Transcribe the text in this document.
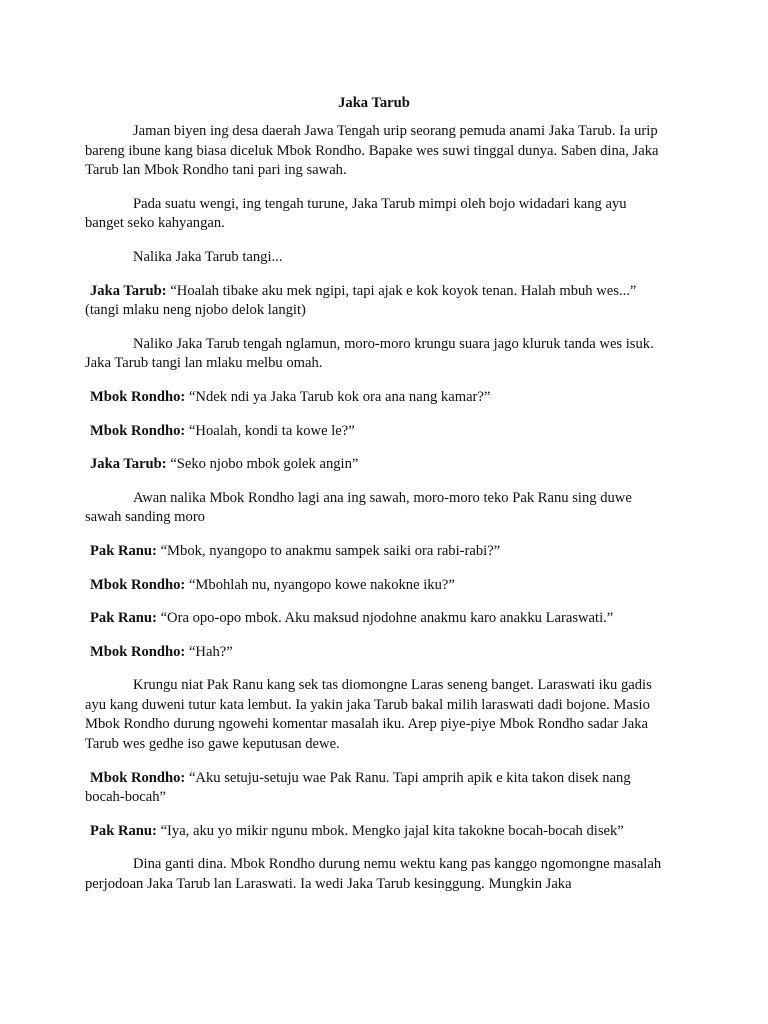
Jaka Tarub

Jaman biyen ing desa daerah Jawa Tengah urip seorang pemuda anami Jaka Tarub. Ia urip bareng ibune kang biasa diceluk Mbok Rondho. Bapake wes suwi tinggal dunya. Saben dina, Jaka Tarub lan Mbok Rondho tani pari ing sawah.

Pada suatu wengi, ing tengah turune, Jaka Tarub mimpi oleh bojo widadari kang ayu banget seko kahyangan.

Nalika Jaka Tarub tangi...

Jaka Tarub: “Hoalah tibake aku mek ngipi, tapi ajak e kok koyok tenan. Halah mbuh wes...” (tangi mlaku neng njobo delok langit)

Naliko Jaka Tarub tengah nglamun, moro-moro krungu suara jago kluruk tanda wes isuk. Jaka Tarub tangi lan mlaku melbu omah.

Mbok Rondho: “Ndek ndi ya Jaka Tarub kok ora ana nang kamar?”

Mbok Rondho: “Hoalah, kondi ta kowe le?”

Jaka Tarub: “Seko njobo mbok golek angin”

Awan nalika Mbok Rondho lagi ana ing sawah, moro-moro teko Pak Ranu sing duwe sawah sanding moro

Pak Ranu: “Mbok, nyangopo to anakmu sampek saiki ora rabi-rabi?”

Mbok Rondho: “Mbohlah nu, nyangopo kowe nakokne iku?”

Pak Ranu: “Ora opo-opo mbok. Aku maksud njodohne anakmu karo anakku Laraswati.”

Mbok Rondho: “Hah?”

Krungu niat Pak Ranu kang sek tas diomongne Laras seneng banget. Laraswati iku gadis ayu kang duweni tutur kata lembut. Ia yakin jaka Tarub bakal milih laraswati dadi bojone. Masio Mbok Rondho durung ngowehi komentar masalah iku. Arep piye-piye Mbok Rondho sadar Jaka Tarub wes gedhe iso gawe keputusan dewe.

Mbok Rondho: “Aku setuju-setuju wae Pak Ranu. Tapi amprih apik e kita takon disek nang bocah-bocah”

Pak Ranu: “Iya, aku yo mikir ngunu mbok. Mengko jajal kita takokne bocah-bocah disek”

Dina ganti dina. Mbok Rondho durung nemu wektu kang pas kanggo ngomongne masalah perjodoan Jaka Tarub lan Laraswati. Ia wedi Jaka Tarub kesinggung. Mungkin Jaka
